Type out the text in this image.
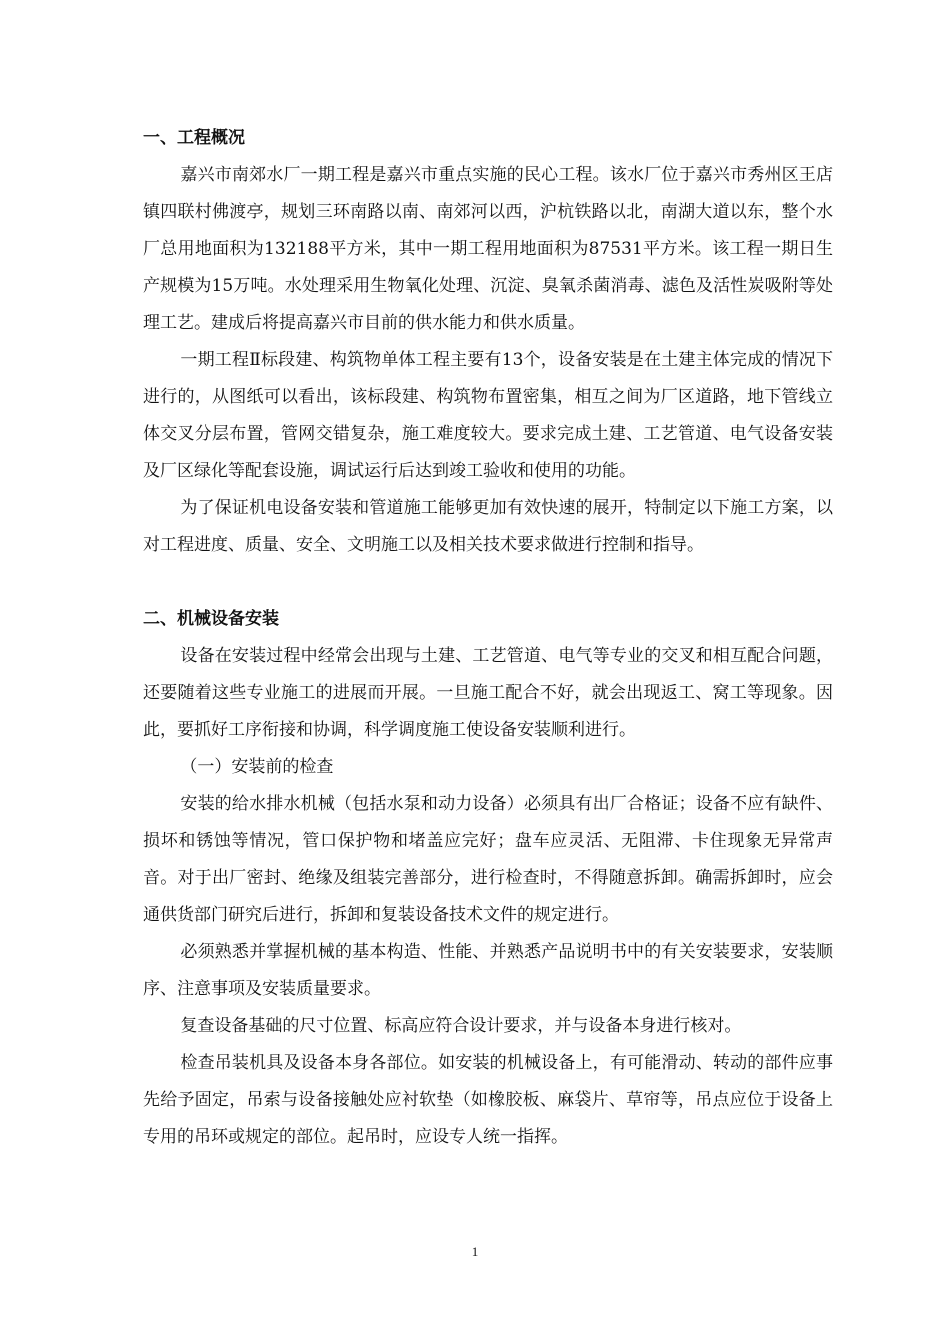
一、工程概况

嘉兴市南郊水厂一期工程是嘉兴市重点实施的民心工程。该水厂位于嘉兴市秀州区王店镇四联村佛渡亭，规划三环南路以南、南郊河以西，沪杭铁路以北，南湖大道以东，整个水厂总用地面积为132188平方米，其中一期工程用地面积为87531平方米。该工程一期日生产规模为15万吨。水处理采用生物氧化处理、沉淀、臭氧杀菌消毒、滤色及活性炭吸附等处理工艺。建成后将提高嘉兴市目前的供水能力和供水质量。

一期工程Ⅱ标段建、构筑物单体工程主要有13个，设备安装是在土建主体完成的情况下进行的，从图纸可以看出，该标段建、构筑物布置密集，相互之间为厂区道路，地下管线立体交叉分层布置，管网交错复杂，施工难度较大。要求完成土建、工艺管道、电气设备安装及厂区绿化等配套设施，调试运行后达到竣工验收和使用的功能。

为了保证机电设备安装和管道施工能够更加有效快速的展开，特制定以下施工方案，以对工程进度、质量、安全、文明施工以及相关技术要求做进行控制和指导。

二、机械设备安装

设备在安装过程中经常会出现与土建、工艺管道、电气等专业的交叉和相互配合问题，还要随着这些专业施工的进展而开展。一旦施工配合不好，就会出现返工、窝工等现象。因此，要抓好工序衔接和协调，科学调度施工使设备安装顺利进行。

（一）安装前的检查

安装的给水排水机械（包括水泵和动力设备）必须具有出厂合格证；设备不应有缺件、损坏和锈蚀等情况，管口保护物和堵盖应完好；盘车应灵活、无阻滞、卡住现象无异常声音。对于出厂密封、绝缘及组装完善部分，进行检查时，不得随意拆卸。确需拆卸时，应会通供货部门研究后进行，拆卸和复装设备技术文件的规定进行。

必须熟悉并掌握机械的基本构造、性能、并熟悉产品说明书中的有关安装要求，安装顺序、注意事项及安装质量要求。

复查设备基础的尺寸位置、标高应符合设计要求，并与设备本身进行核对。

检查吊装机具及设备本身各部位。如安装的机械设备上，有可能滑动、转动的部件应事先给予固定，吊索与设备接触处应衬软垫（如橡胶板、麻袋片、草帘等，吊点应位于设备上专用的吊环或规定的部位。起吊时，应设专人统一指挥。

1
